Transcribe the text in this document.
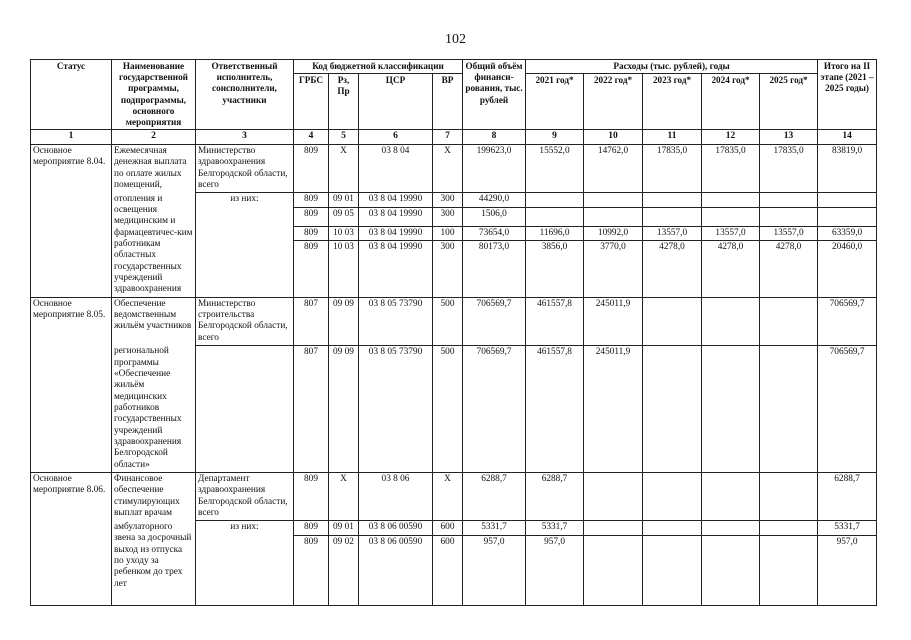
102
Статус	Наименование государственной программы, подпрограммы, основного мероприятия	Ответственный исполнитель, соисполнители, участники	Код бюджетной классификации				Общий объём финанси-рования, тыс. рублей	Расходы (тыс. рублей), годы					Итого на II этапе (2021 – 2025 годы)
			ГРБС	Рз, Пр	ЦСР	ВР		2021 год*	2022 год*	2023 год*	2024 год*	2025 год*	
1	2	3	4	5	6	7	8	9	10	11	12	13	14
Основное мероприятие 8.04.	Ежемесячная денежная выплата по оплате жилых помещений,	Министерство здравоохранения Белгородской области, всего	809	Х	03 8 04	Х	199623,0	15552,0	14762,0	17835,0	17835,0	17835,0	83819,0
	отопления и освещения медицинским и фармацевтичес-ким работникам областных государственных учреждений здравоохранения	из них:	809	09 01	03 8 04 19990	300	44290,0						
			809	09 05	03 8 04 19990	300	1506,0						
			809	10 03	03 8 04 19990	100	73654,0	11696,0	10992,0	13557,0	13557,0	13557,0	63359,0
			809	10 03	03 8 04 19990	300	80173,0	3856,0	3770,0	4278,0	4278,0	4278,0	20460,0

Основное мероприятие 8.05.	Обеспечение ведомственным жильём участников	Министерство строительства Белгородской области, всего	807	09 09	03 8 05 73790	500	706569,7	461557,8	245011,9				706569,7
	региональной программы «Обеспечение жильём медицинских работников государственных учреждений здравоохранения Белгородской области»		807	09 09	03 8 05 73790	500	706569,7	461557,8	245011,9				706569,7
Основное мероприятие 8.06.	Финансовое обеспечение стимулирующих выплат врачам	Департамент здравоохранения Белгородской области, всего	809	Х	03 8 06	Х	6288,7	6288,7					6288,7
	амбулаторного звена за досрочный выход из отпуска по уходу за ребенком до трех лет	из них:	809	09 01	03 8 06 00590	600	5331,7	5331,7					5331,7
			809	09 02	03 8 06 00590	600	957,0	957,0					957,0
